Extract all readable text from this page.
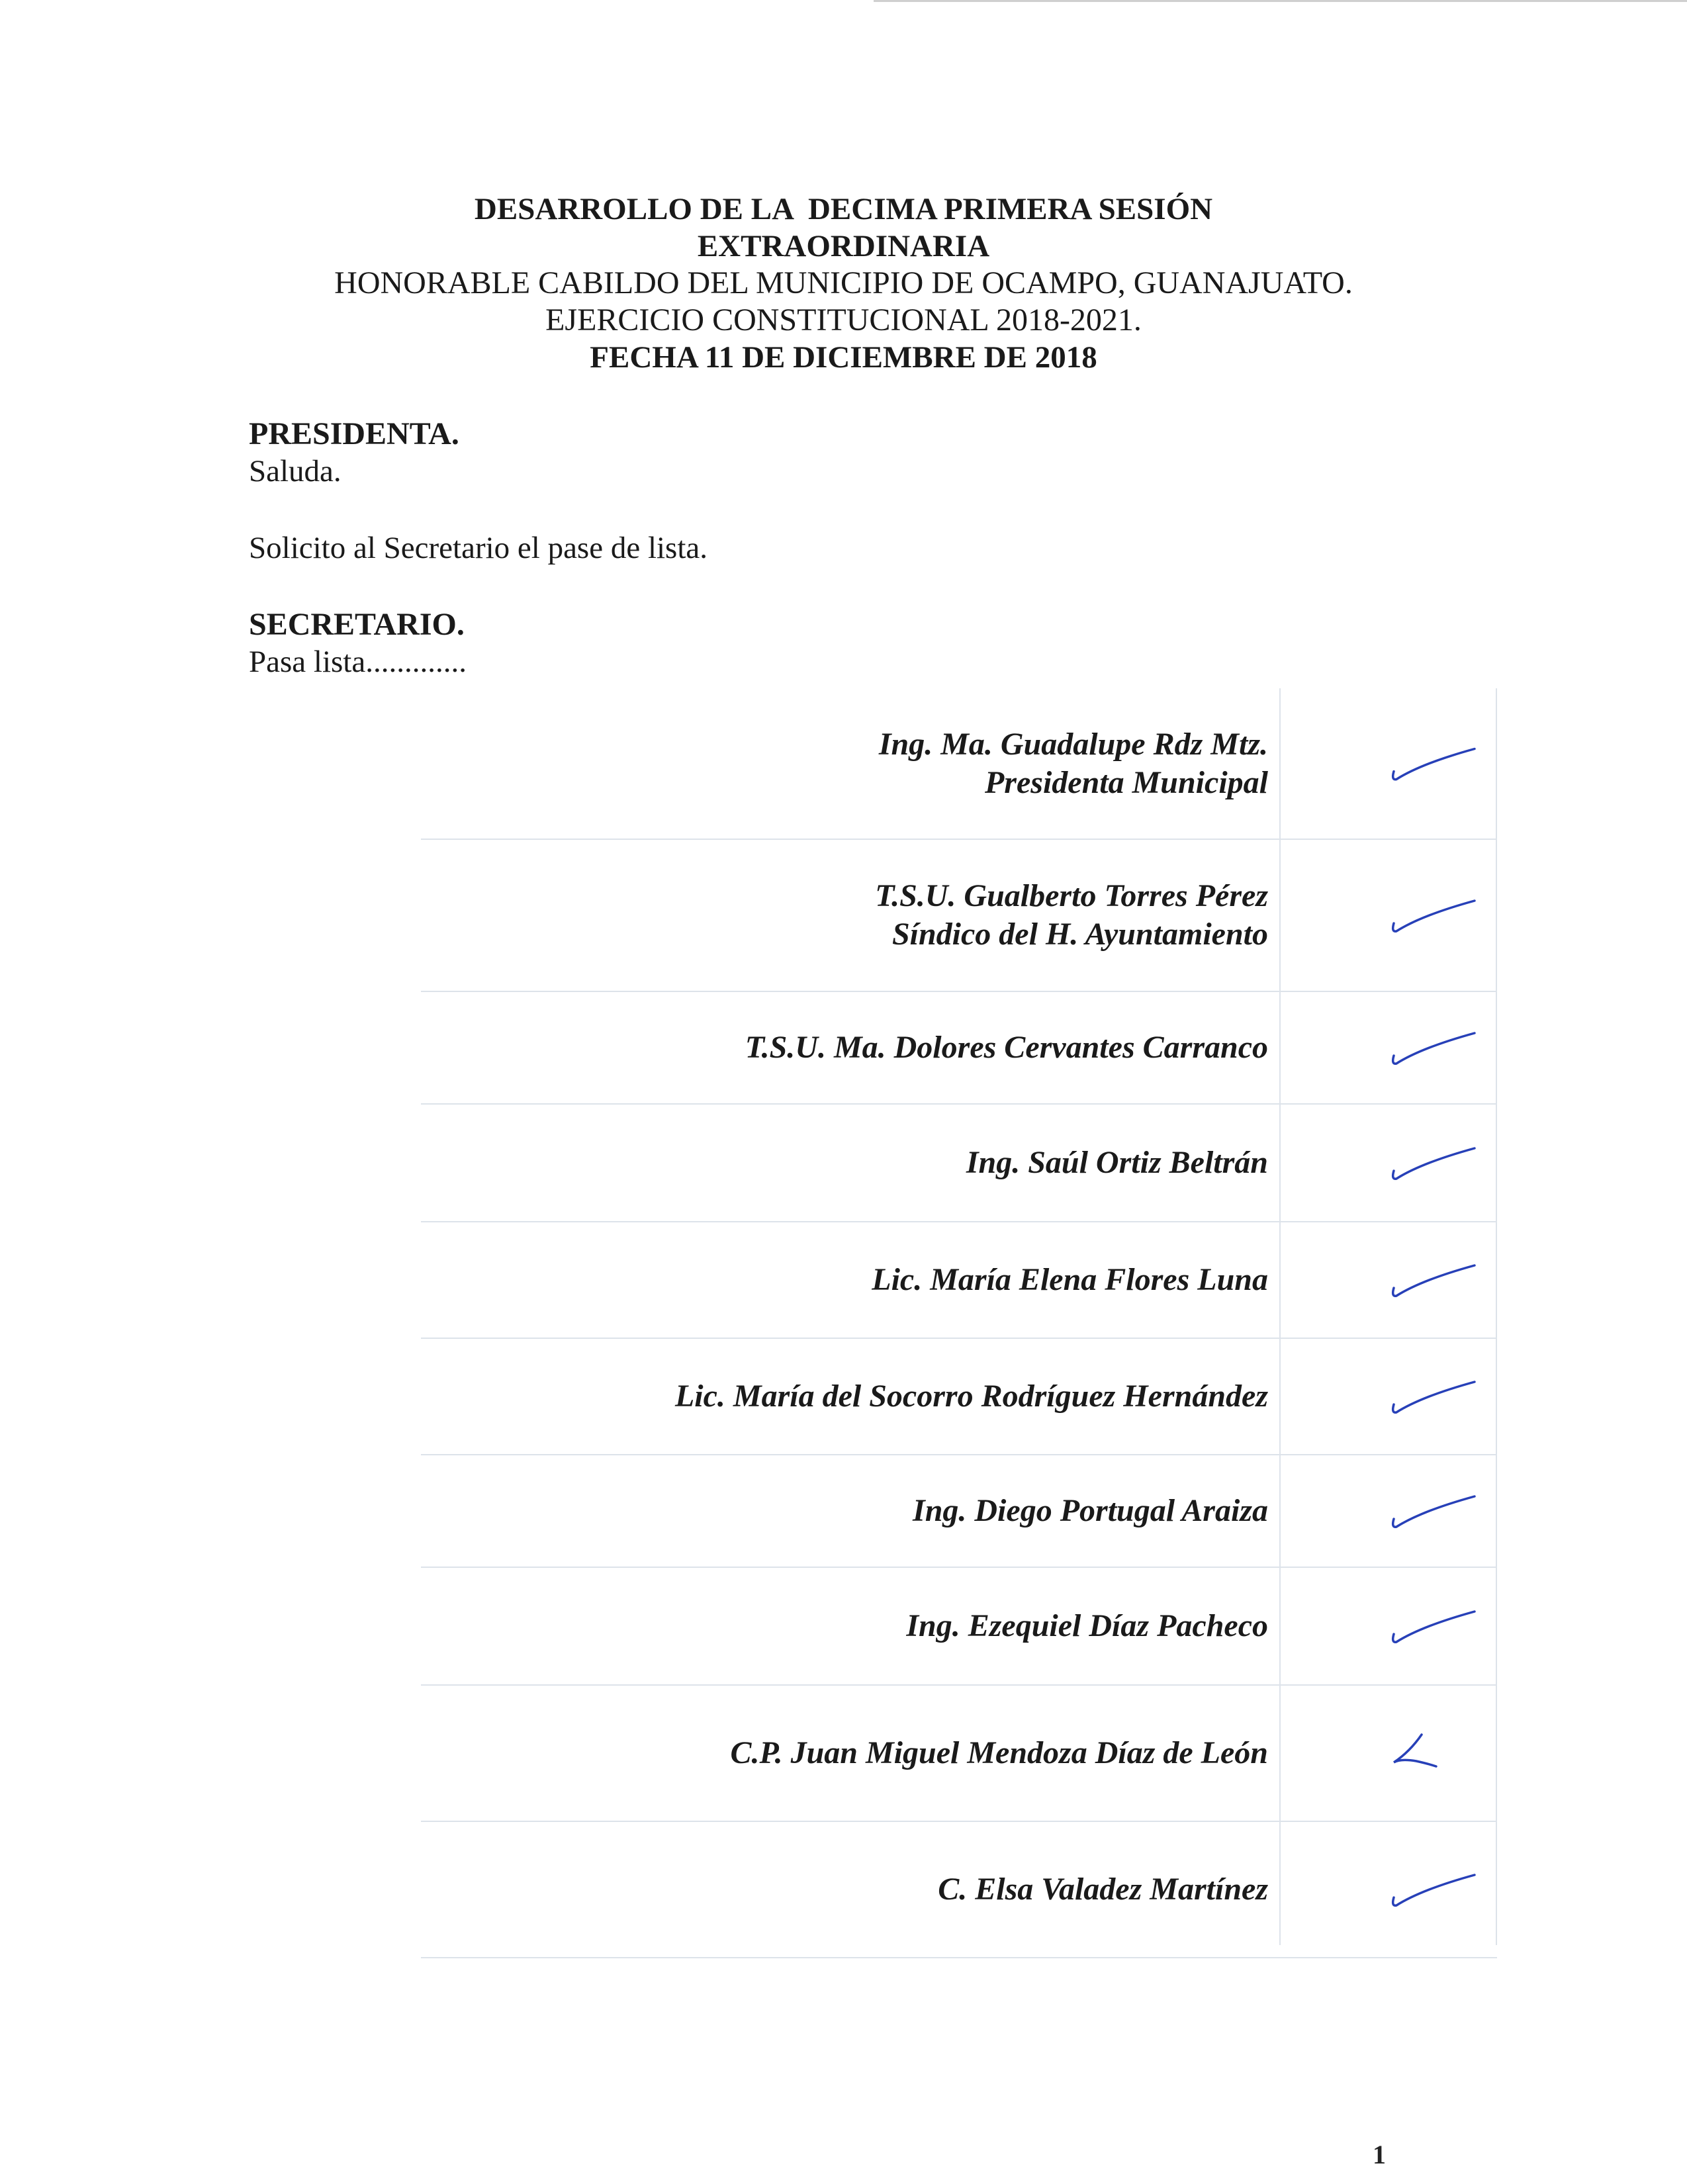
DESARROLLO DE LA  DECIMA PRIMERA SESIÓN
EXTRAORDINARIA
HONORABLE CABILDO DEL MUNICIPIO DE OCAMPO, GUANAJUATO.
EJERCICIO CONSTITUCIONAL 2018-2021.
FECHA 11 DE DICIEMBRE DE 2018
PRESIDENTA.
Saluda.
Solicito al Secretario el pase de lista.
SECRETARIO.
Pasa lista.............
Ing. Ma. Guadalupe Rdz Mtz.
Presidenta Municipal
T.S.U. Gualberto Torres Pérez
Síndico del H. Ayuntamiento
T.S.U. Ma. Dolores Cervantes Carranco
Ing. Saúl Ortiz Beltrán
Lic. María Elena Flores Luna
Lic. María del Socorro Rodríguez Hernández
Ing. Diego Portugal Araiza
Ing. Ezequiel Díaz Pacheco
C.P. Juan Miguel Mendoza Díaz de León
C. Elsa Valadez Martínez
1
